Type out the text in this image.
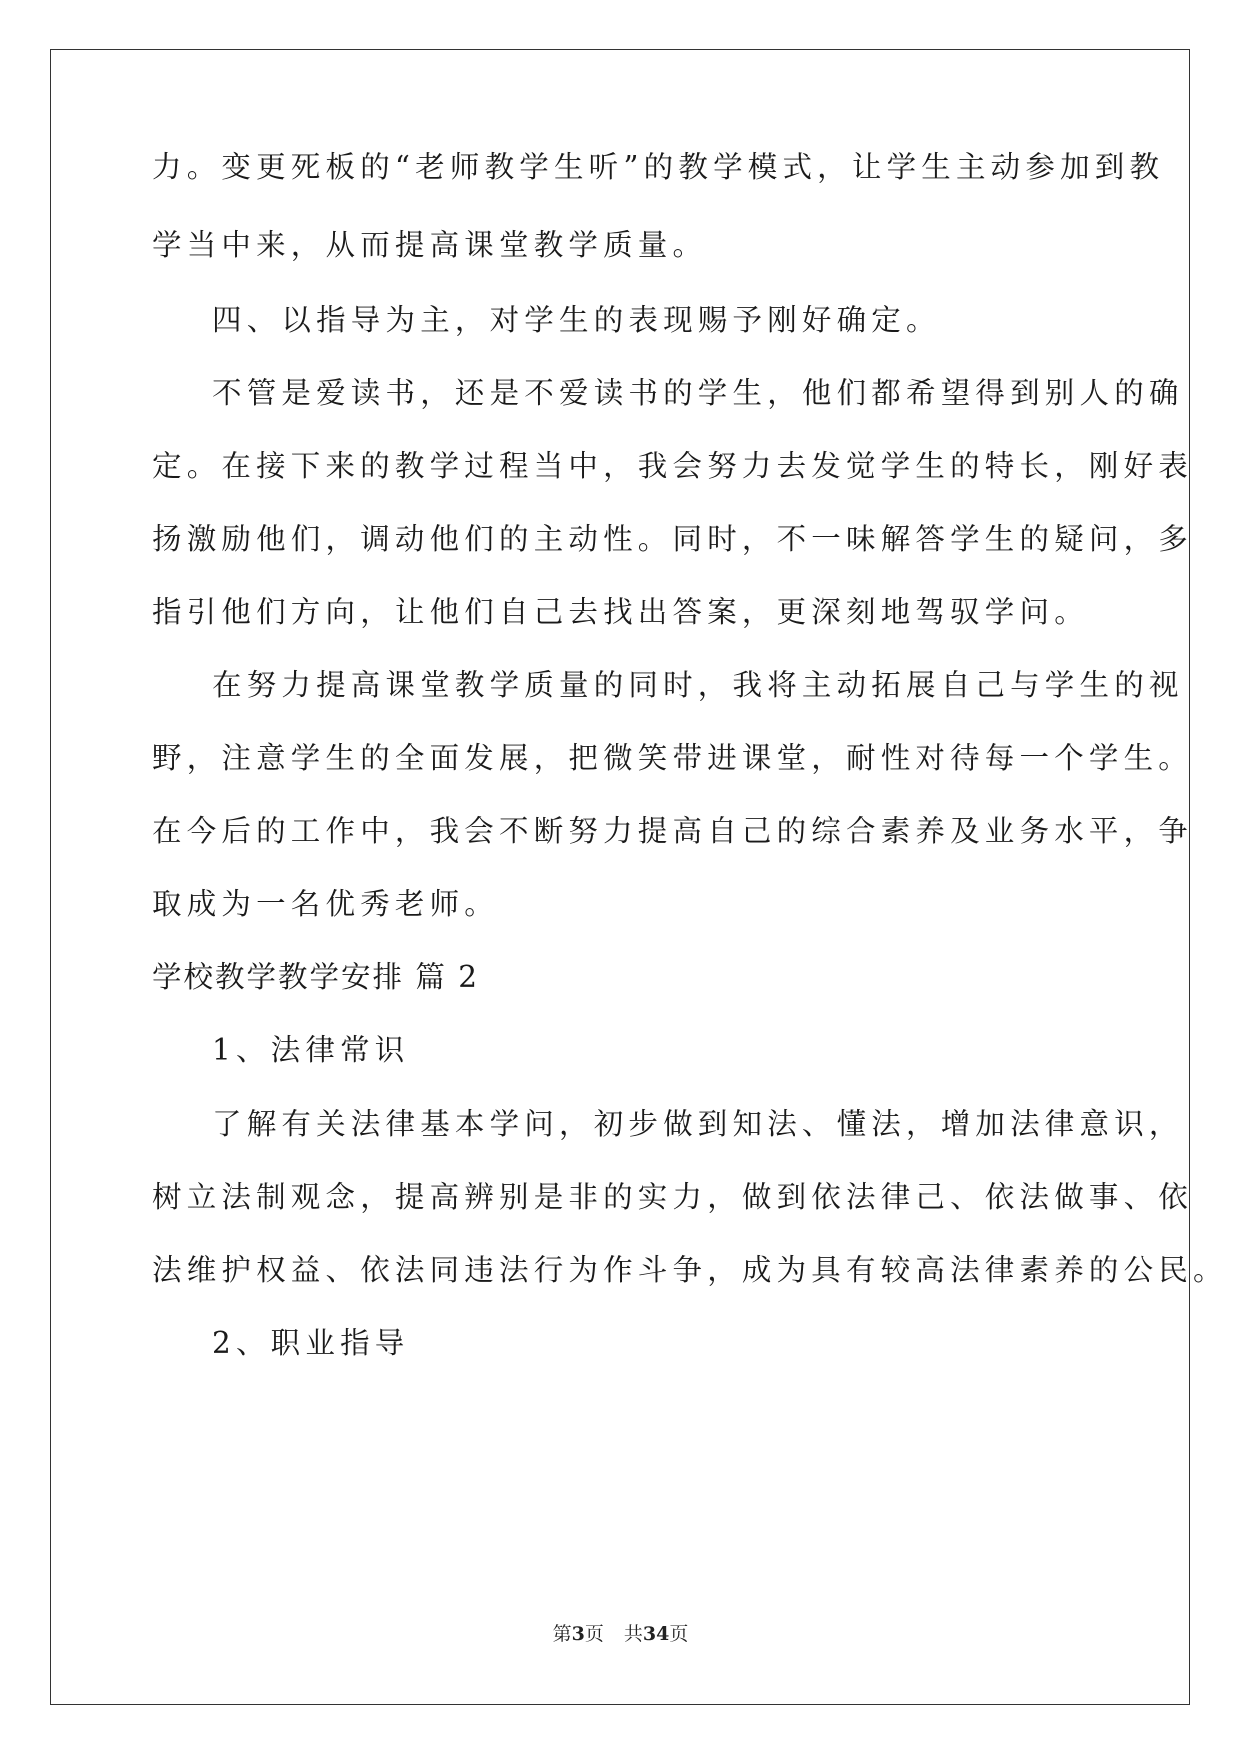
力。变更死板的“老师教学生听”的教学模式，让学生主动参加到教
学当中来，从而提高课堂教学质量。
四、以指导为主，对学生的表现赐予刚好确定。
不管是爱读书，还是不爱读书的学生，他们都希望得到别人的确
定。在接下来的教学过程当中，我会努力去发觉学生的特长，刚好表
扬激励他们，调动他们的主动性。同时，不一味解答学生的疑问，多
指引他们方向，让他们自己去找出答案，更深刻地驾驭学问。
在努力提高课堂教学质量的同时，我将主动拓展自己与学生的视
野，注意学生的全面发展，把微笑带进课堂，耐性对待每一个学生。
在今后的工作中，我会不断努力提高自己的综合素养及业务水平，争
取成为一名优秀老师。
学校教学教学安排 篇 2
1、法律常识
了解有关法律基本学问，初步做到知法、懂法，增加法律意识，
树立法制观念，提高辨别是非的实力，做到依法律己、依法做事、依
法维护权益、依法同违法行为作斗争，成为具有较高法律素养的公民。
2、职业指导
第3页 共34页
